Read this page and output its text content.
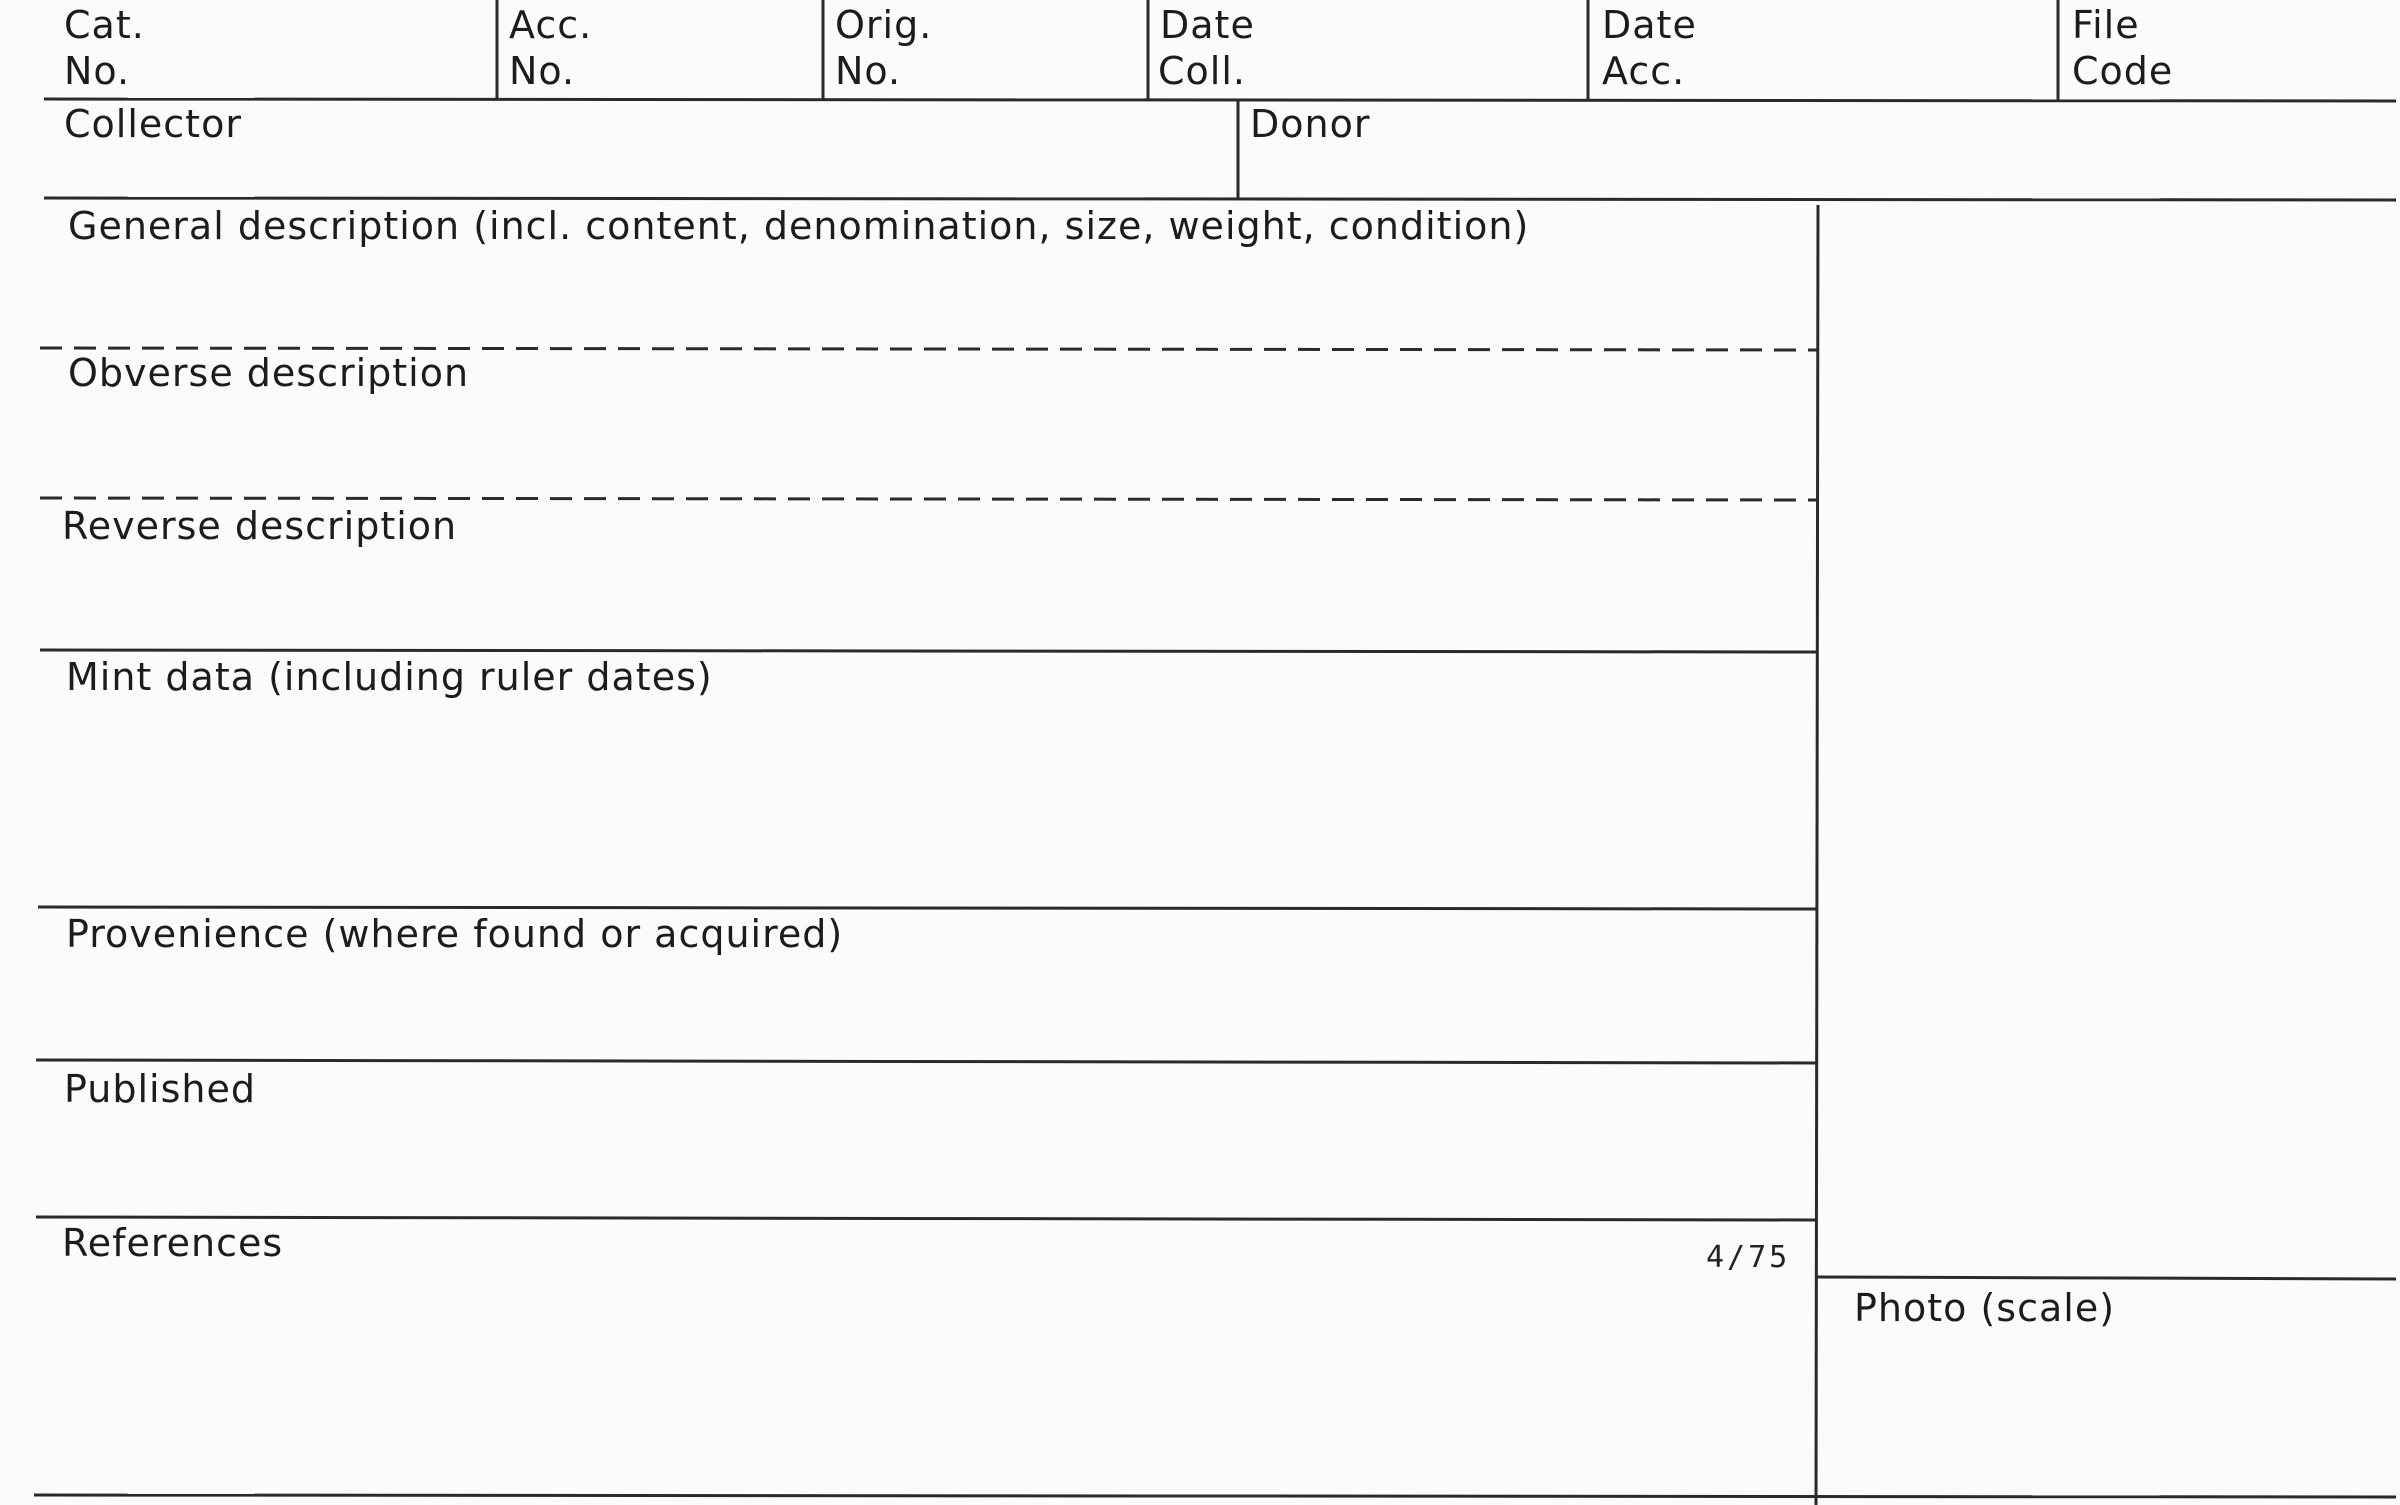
Cat.

No.

Acc.

No.

Orig.

No.

Date

Coll.

Date

Acc.

File

Code

Collector	Donor

General description (incl. content, denomination, size, weight, condition)

Obverse description

Reverse description

Mint data (including ruler dates)

Provenience (where found or acquired)

Published

References	4/75

Photo (scale)
